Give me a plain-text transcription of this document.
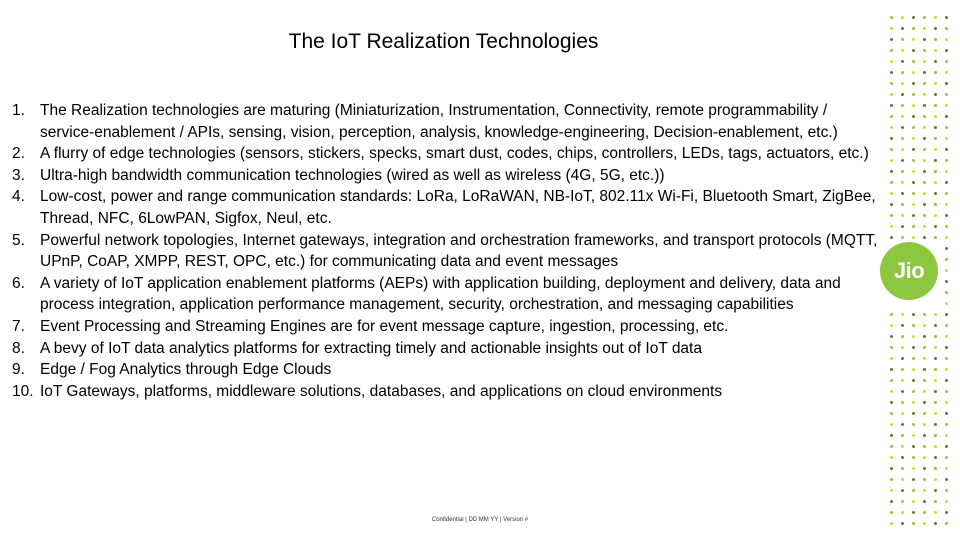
The IoT Realization Technologies
1. The Realization technologies are maturing (Miniaturization, Instrumentation, Connectivity, remote programmability / service-enablement / APIs, sensing, vision, perception, analysis, knowledge-engineering, Decision-enablement, etc.)
2. A flurry of edge technologies (sensors, stickers, specks, smart dust, codes, chips, controllers, LEDs, tags, actuators, etc.)
3. Ultra-high bandwidth communication technologies (wired as well as wireless (4G, 5G, etc.))
4. Low-cost, power and range communication standards: LoRa, LoRaWAN, NB-IoT, 802.11x Wi-Fi, Bluetooth Smart, ZigBee, Thread, NFC, 6LowPAN, Sigfox, Neul, etc.
5. Powerful network topologies, Internet gateways, integration and orchestration frameworks, and transport protocols (MQTT, UPnP, CoAP, XMPP, REST, OPC, etc.) for communicating data and event messages
6. A variety of IoT application enablement platforms (AEPs) with application building, deployment and delivery, data and process integration, application performance management, security, orchestration, and messaging capabilities
7. Event Processing and Streaming Engines are for event message capture, ingestion, processing, etc.
8. A bevy of IoT data analytics platforms for extracting timely and actionable insights out of IoT data
9. Edge / Fog Analytics through Edge Clouds
10. IoT Gateways, platforms, middleware solutions, databases, and applications on cloud environments
Confidential | DD MM YY | Version #
Jio
